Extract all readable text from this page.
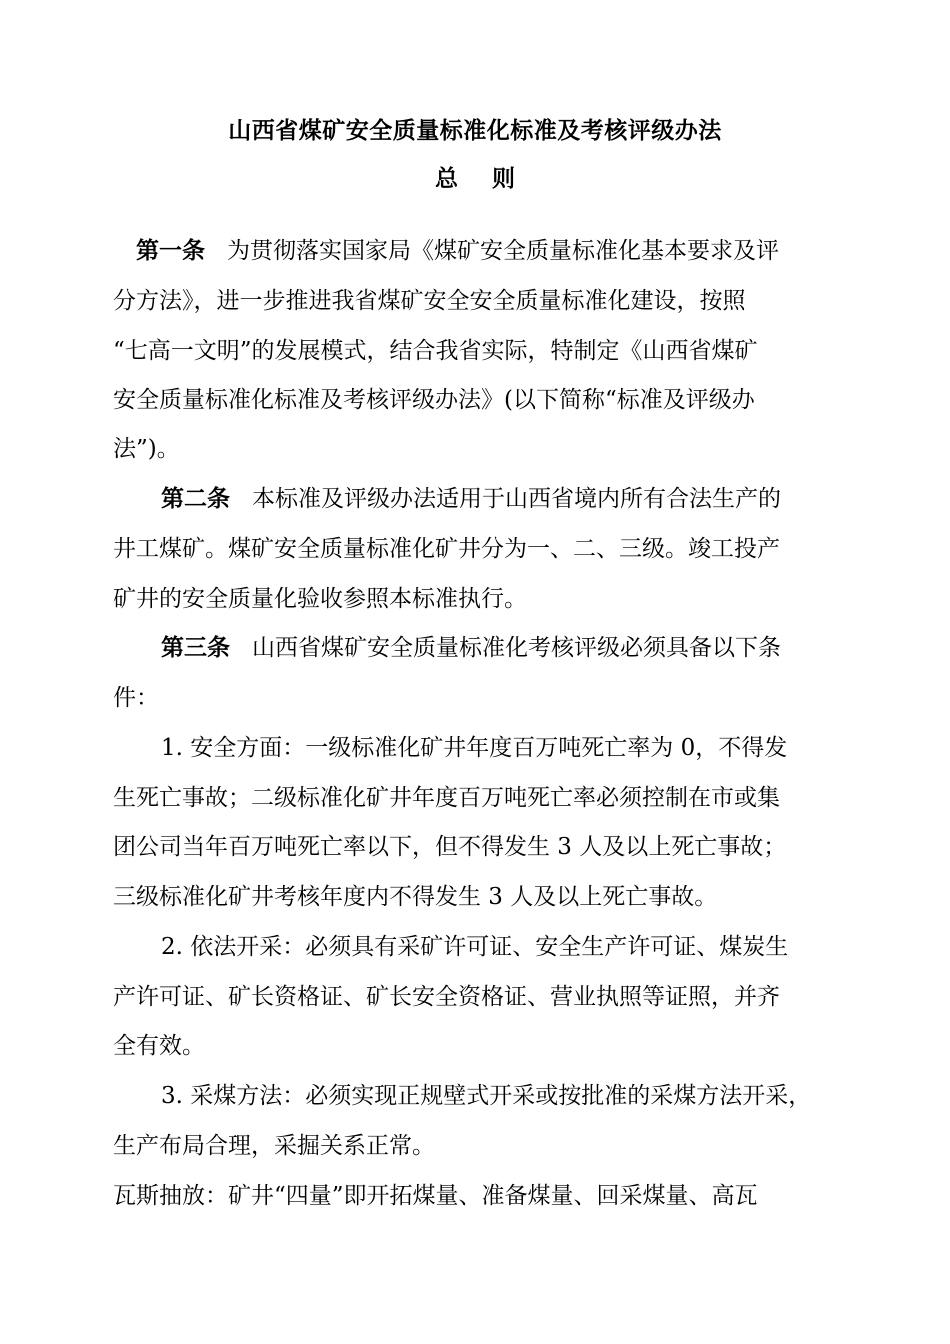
山西省煤矿安全质量标准化标准及考核评级办法
总则
第一条 为贯彻落实国家局《煤矿安全质量标准化基本要求及评
分方法》，进一步推进我省煤矿安全安全质量标准化建设，按照
“七高一文明”的发展模式，结合我省实际，特制定《山西省煤矿
安全质量标准化标准及考核评级办法》(以下简称“标准及评级办
法”)。
第二条 本标准及评级办法适用于山西省境内所有合法生产的
井工煤矿。煤矿安全质量标准化矿井分为一、二、三级。竣工投产
矿井的安全质量化验收参照本标准执行。
第三条 山西省煤矿安全质量标准化考核评级必须具备以下条
件：
1. 安全方面：一级标准化矿井年度百万吨死亡率为 0，不得发
生死亡事故；二级标准化矿井年度百万吨死亡率必须控制在市或集
团公司当年百万吨死亡率以下，但不得发生 3 人及以上死亡事故；
三级标准化矿井考核年度内不得发生 3 人及以上死亡事故。
2. 依法开采：必须具有采矿许可证、安全生产许可证、煤炭生
产许可证、矿长资格证、矿长安全资格证、营业执照等证照，并齐
全有效。
3. 采煤方法：必须实现正规壁式开采或按批准的采煤方法开采，
生产布局合理，采掘关系正常。
瓦斯抽放：矿井“四量”即开拓煤量、准备煤量、回采煤量、高瓦
